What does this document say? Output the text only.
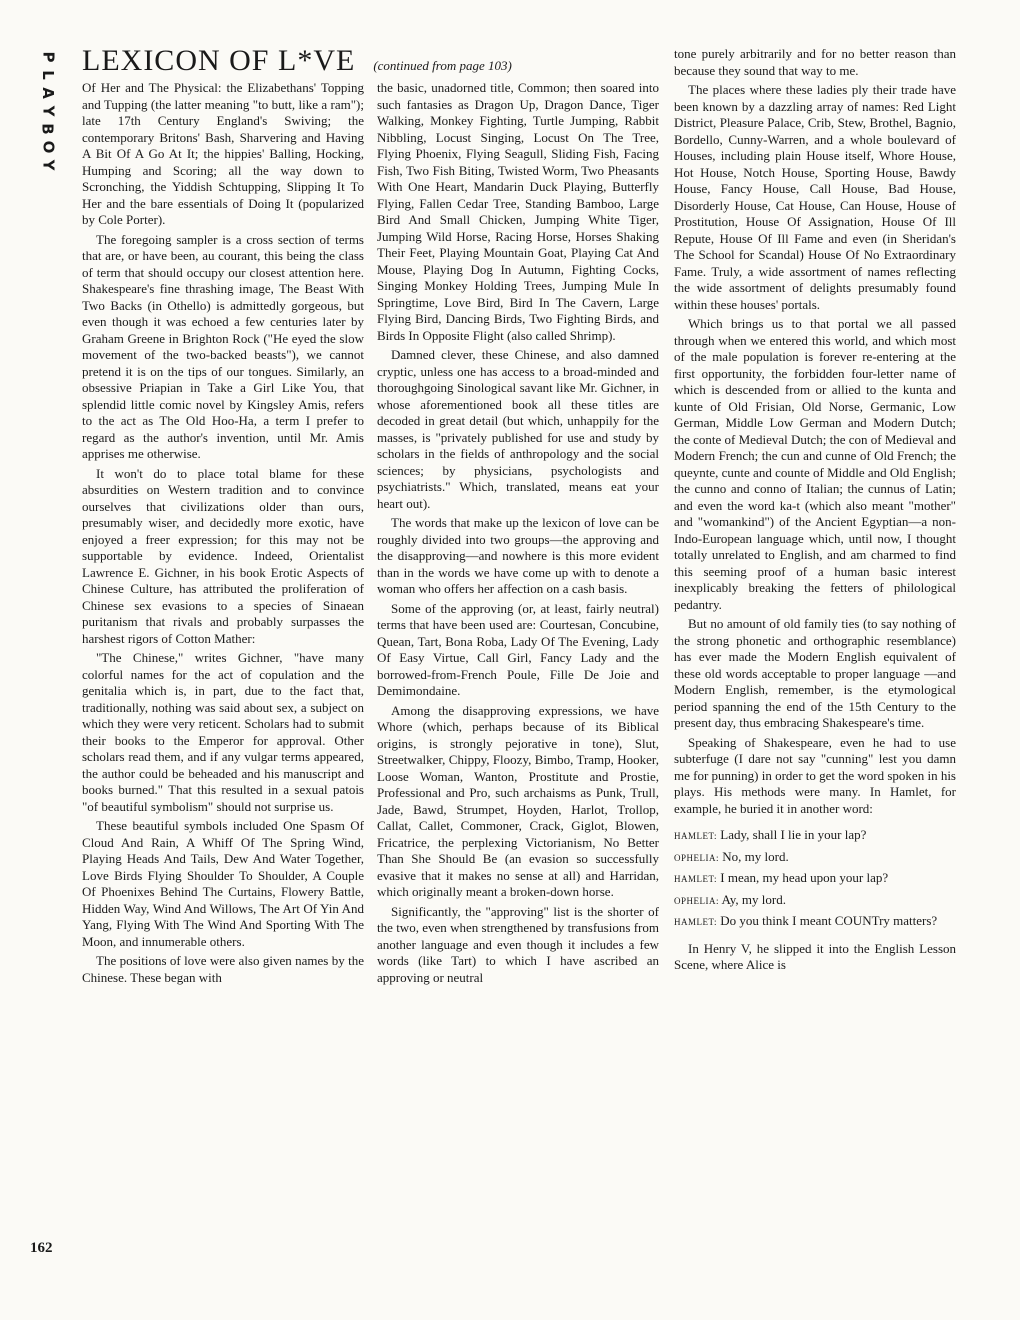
P
L
A
Y
B
O
Y
162
LEXICON OF L*VE (continued from page 103)

Of Her and The Physical: the Elizabethans' Topping and Tupping (the latter meaning "to butt, like a ram"); late 17th Century England's Swiving; the contemporary Britons' Bash, Sharvering and Having A Bit Of A Go At It; the hippies' Balling, Hocking, Humping and Scoring; all the way down to Scronching, the Yiddish Schtupping, Slipping It To Her and the bare essentials of Doing It (popularized by Cole Porter).

The foregoing sampler is a cross section of terms that are, or have been, au courant, this being the class of term that should occupy our closest attention here. Shakespeare's fine thrashing image, The Beast With Two Backs (in Othello) is admittedly gorgeous, but even though it was echoed a few centuries later by Graham Greene in Brighton Rock ("He eyed the slow movement of the two-backed beasts"), we cannot pretend it is on the tips of our tongues. Similarly, an obsessive Priapian in Take a Girl Like You, that splendid little comic novel by Kingsley Amis, refers to the act as The Old Hoo-Ha, a term I prefer to regard as the author's invention, until Mr. Amis apprises me otherwise.

It won't do to place total blame for these absurdities on Western tradition and to convince ourselves that civilizations older than ours, presumably wiser, and decidedly more exotic, have enjoyed a freer expression; for this may not be supportable by evidence. Indeed, Orientalist Lawrence E. Gichner, in his book Erotic Aspects of Chinese Culture, has attributed the proliferation of Chinese sex evasions to a species of Sinaean puritanism that rivals and probably surpasses the harshest rigors of Cotton Mather:

"The Chinese," writes Gichner, "have many colorful names for the act of copulation and the genitalia which is, in part, due to the fact that, traditionally, nothing was said about sex, a subject on which they were very reticent. Scholars had to submit their books to the Emperor for approval. Other scholars read them, and if any vulgar terms appeared, the author could be beheaded and his manuscript and books burned." That this resulted in a sexual patois "of beautiful symbolism" should not surprise us.

These beautiful symbols included One Spasm Of Cloud And Rain, A Whiff Of The Spring Wind, Playing Heads And Tails, Dew And Water Together, Love Birds Flying Shoulder To Shoulder, A Couple Of Phoenixes Behind The Curtains, Flowery Battle, Hidden Way, Wind And Willows, The Art Of Yin And Yang, Flying With The Wind And Sporting With The Moon, and innumerable others.

The positions of love were also given names by the Chinese. These began with

the basic, unadorned title, Common; then soared into such fantasies as Dragon Up, Dragon Dance, Tiger Walking, Monkey Fighting, Turtle Jumping, Rabbit Nibbling, Locust Singing, Locust On The Tree, Flying Phoenix, Flying Seagull, Sliding Fish, Facing Fish, Two Fish Biting, Twisted Worm, Two Pheasants With One Heart, Mandarin Duck Playing, Butterfly Flying, Fallen Cedar Tree, Standing Bamboo, Large Bird And Small Chicken, Jumping White Tiger, Jumping Wild Horse, Racing Horse, Horses Shaking Their Feet, Playing Mountain Goat, Playing Cat And Mouse, Playing Dog In Autumn, Fighting Cocks, Singing Monkey Holding Trees, Jumping Mule In Springtime, Love Bird, Bird In The Cavern, Large Flying Bird, Dancing Birds, Two Fighting Birds, and Birds In Opposite Flight (also called Shrimp).

Damned clever, these Chinese, and also damned cryptic, unless one has access to a broad-minded and thoroughgoing Sinological savant like Mr. Gichner, in whose aforementioned book all these titles are decoded in great detail (but which, unhappily for the masses, is "privately published for use and study by scholars in the fields of anthropology and the social sciences; by physicians, psychologists and psychiatrists." Which, translated, means eat your heart out).

The words that make up the lexicon of love can be roughly divided into two groups—the approving and the disapproving—and nowhere is this more evident than in the words we have come up with to denote a woman who offers her affection on a cash basis.

Some of the approving (or, at least, fairly neutral) terms that have been used are: Courtesan, Concubine, Quean, Tart, Bona Roba, Lady Of The Evening, Lady Of Easy Virtue, Call Girl, Fancy Lady and the borrowed-from-French Poule, Fille De Joie and Demimondaine.

Among the disapproving expressions, we have Whore (which, perhaps because of its Biblical origins, is strongly pejorative in tone), Slut, Streetwalker, Chippy, Floozy, Bimbo, Tramp, Hooker, Loose Woman, Wanton, Prostitute and Prostie, Professional and Pro, such archaisms as Punk, Trull, Jade, Bawd, Strumpet, Hoyden, Harlot, Trollop, Callat, Callet, Commoner, Crack, Giglot, Blowen, Fricatrice, the perplexing Victorianism, No Better Than She Should Be (an evasion so successfully evasive that it makes no sense at all) and Harridan, which originally meant a broken-down horse.

Significantly, the "approving" list is the shorter of the two, even when strengthened by transfusions from another language and even though it includes a few words (like Tart) to which I have ascribed an approving or neutral

tone purely arbitrarily and for no better reason than because they sound that way to me.

The places where these ladies ply their trade have been known by a dazzling array of names: Red Light District, Pleasure Palace, Crib, Stew, Brothel, Bagnio, Bordello, Cunny-Warren, and a whole boulevard of Houses, including plain House itself, Whore House, Hot House, Notch House, Sporting House, Bawdy House, Fancy House, Call House, Bad House, Disorderly House, Cat House, Can House, House of Prostitution, House Of Assignation, House Of Ill Repute, House Of Ill Fame and even (in Sheridan's The School for Scandal) House Of No Extraordinary Fame. Truly, a wide assortment of names reflecting the wide assortment of delights presumably found within these houses' portals.

Which brings us to that portal we all passed through when we entered this world, and which most of the male population is forever re-entering at the first opportunity, the forbidden four-letter name of which is descended from or allied to the kunta and kunte of Old Frisian, Old Norse, Germanic, Low German, Middle Low German and Modern Dutch; the conte of Medieval Dutch; the con of Medieval and Modern French; the cun and cunne of Old French; the queynte, cunte and counte of Middle and Old English; the cunno and conno of Italian; the cunnus of Latin; and even the word ka-t (which also meant "mother" and "womankind") of the Ancient Egyptian—a non-Indo-European language which, until now, I thought totally unrelated to English, and am charmed to find this seeming proof of a human basic interest inexplicably breaking the fetters of philological pedantry.

But no amount of old family ties (to say nothing of the strong phonetic and orthographic resemblance) has ever made the Modern English equivalent of these old words acceptable to proper language —and Modern English, remember, is the etymological period spanning the end of the 15th Century to the present day, thus embracing Shakespeare's time.

Speaking of Shakespeare, even he had to use subterfuge (I dare not say "cunning" lest you damn me for punning) in order to get the word spoken in his plays. His methods were many. In Hamlet, for example, he buried it in another word:

HAMLET: Lady, shall I lie in your lap?
OPHELIA: No, my lord.
HAMLET: I mean, my head upon your lap?
OPHELIA: Ay, my lord.
HAMLET: Do you think I meant COUNTry matters?

In Henry V, he slipped it into the English Lesson Scene, where Alice is
